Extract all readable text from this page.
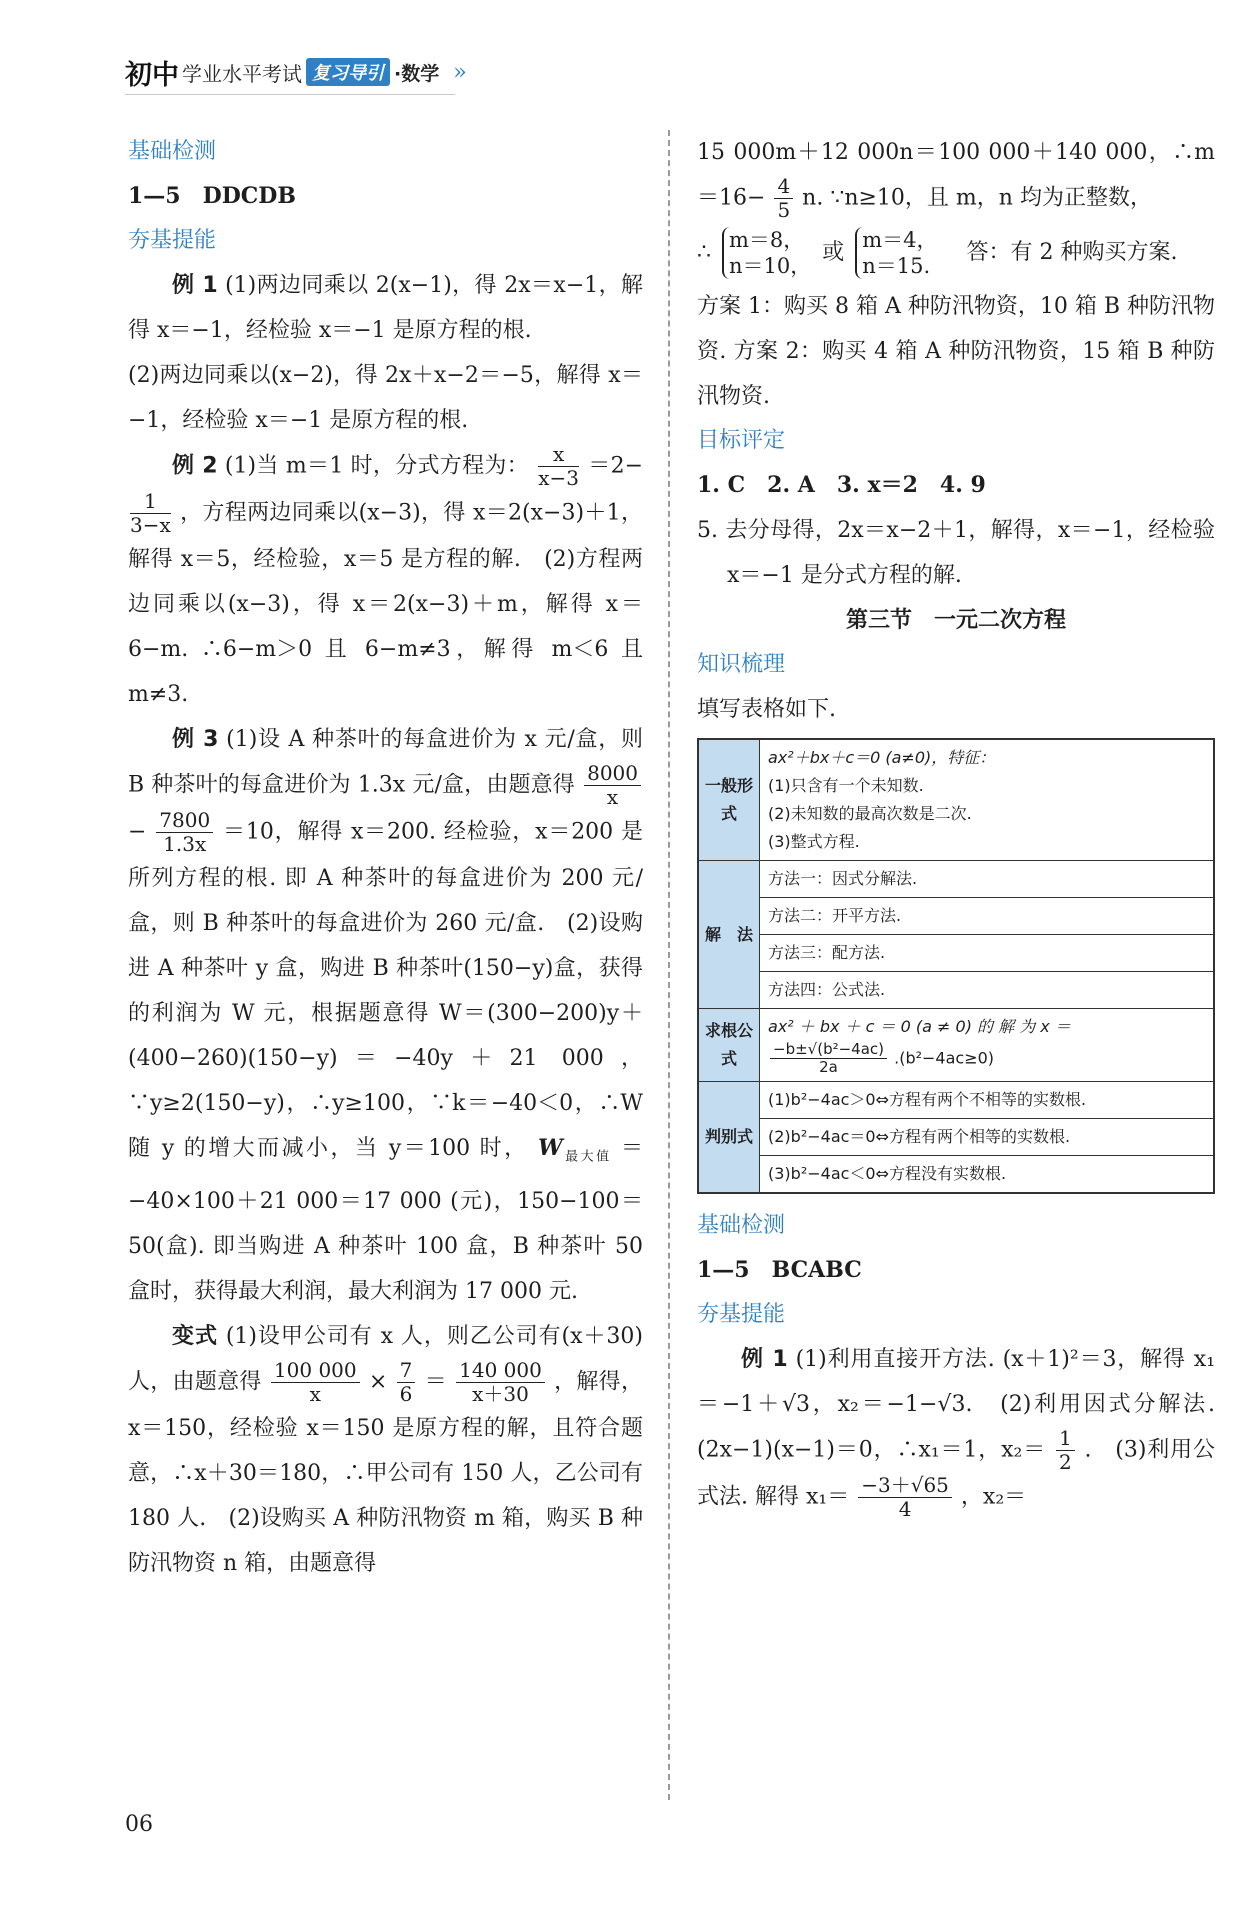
初中 学业水平考试 复习导引 ·数学 ››
基础检测

1—5　DDCDB

夯基提能

例 1 (1)两边同乘以 2(x−1)，得 2x＝x−1，解得 x＝−1，经检验 x＝−1 是原方程的根.

(2)两边同乘以(x−2)，得 2x＋x−2＝−5，解得 x＝−1，经检验 x＝−1 是原方程的根.

例 2 (1)当 m＝1 时，分式方程为： $\frac{x}{x-3} =2-$
$\frac{1}{3-x}$ ，方程两边同乘以(x−3)，得 x＝2(x−3)＋1，解得 x＝5，经检验，x＝5 是方程的解.　(2)方程两边同乘以(x−3)，得 x＝2(x−3)＋m，解得 x＝6−m. ∴6−m＞0 且 6−m≠3，解得 m＜6 且 m≠3.

例 3 (1)设 A 种茶叶的每盒进价为 x 元/盒，则 B 种茶叶的每盒进价为 1.3x 元/盒，由题意得 $\frac{8000}{x}$
− $\frac{7800}{1.3x} =10$，解得 x＝200. 经检验，x＝200 是所列方程的根. 即 A 种茶叶的每盒进价为 200 元/盒，则 B 种茶叶的每盒进价为 260 元/盒.　(2)设购进 A 种茶叶 y 盒，购进 B 种茶叶(150−y)盒，获得的利润为 W 元，根据题意得 W＝(300−200)y＋(400−260)(150−y)＝−40y＋21 000，∵y≥2(150−y)，∴y≥100，∵k＝−40＜0，∴W 随 y 的增大而减小，当 y＝100 时， $W_{最大值} =-40\times 100+21$ 000＝17 000 (元)，150−100＝50(盒). 即当购进 A 种茶叶 100 盒，B 种茶叶 50 盒时，获得最大利润，最大利润为 17 000 元.

变式 (1)设甲公司有 x 人，则乙公司有(x＋30)人，由题意得 $\frac{100 000}{x} \times \frac{7}{6} = \frac{140 000}{x+30}$ ，解得，x＝150，经检验 x＝150 是原方程的解，且符合题意，∴x＋30＝180，∴甲公司有 150 人，乙公司有 180 人.　(2)设购买 A 种防汛物资 m 箱，购买 B 种防汛物资 n 箱，由题意得

15 000m＋12 000n＝100 000＋140 000，∴m＝16− $\frac{4}{5} n$. ∵n≥10，且 m，n 均为正整数，

∴
m＝8，
n＝10，
或
m＝4，
n＝15.
答：有 2 种购买方案.

方案 1：购买 8 箱 A 种防汛物资，10 箱 B 种防汛物资. 方案 2：购买 4 箱 A 种防汛物资，15 箱 B 种防汛物资.

目标评定

1. C　2. A　3. x＝2　4. 9

5. 去分母得，2x＝x−2＋1，解得，x＝−1，经检验 x＝−1 是分式方程的解.

第三节　一元二次方程
知识梳理

填写表格如下.

一般形式	ax²＋bx＋c＝0 (a≠0)，特征：
(1)只含有一个未知数.
(2)未知数的最高次数是二次.
(3)整式方程.

解　法	方法一：因式分解法.
	方法二：开平方法.
	方法三：配方法.
	方法四：公式法.
求根公式	ax² ＋ bx ＋ c ＝ 0 (a ≠ 0) 的 解 为 x ＝
$\frac{\text{−b±√(b²−4ac)}}{2a} .(b^2-4ac\ge 0)$
判别式	(1)b²−4ac＞0⇔方程有两个不相等的实数根.
	(2)b²−4ac＝0⇔方程有两个相等的实数根.
	(3)b²−4ac＜0⇔方程没有实数根.
基础检测

1—5　BCABC

夯基提能

例 1 (1)利用直接开方法. (x＋1)²＝3，解得 x₁＝−1＋√3，x₂＝−1−√3.　(2)利用因式分解法. (2x−1)(x−1)＝0，∴x₁＝1，$x_2= \frac{1}{2}$ .　(3)利用公式法. 解得 $x_1= \frac{-3+√65}{4}$ ，x₂＝

06
